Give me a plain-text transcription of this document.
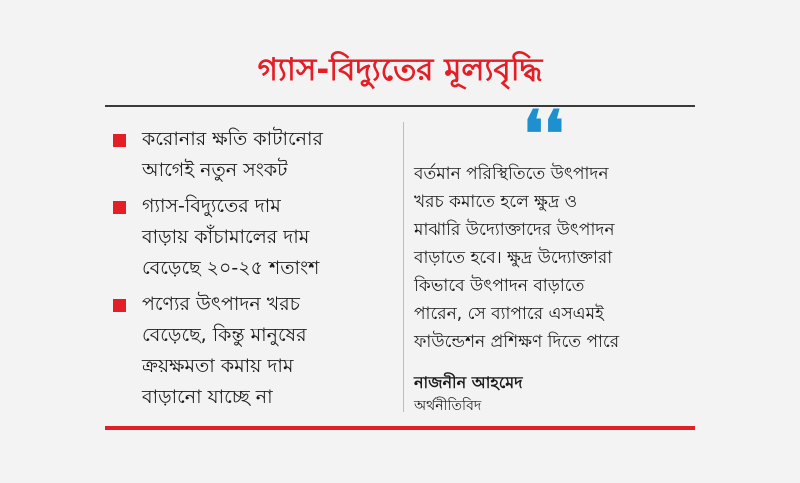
গ্যাস-বিদ্যুতের মূল্যবৃদ্ধি
করোনার ক্ষতি কাটানোর
আগেই নতুন সংকট
গ্যাস-বিদ্যুতের দাম
বাড়ায় কাঁচামালের দাম
বেড়েছে ২০-২৫ শতাংশ
পণ্যের উৎপাদন খরচ
বেড়েছে, কিন্তু মানুষের
ক্রয়ক্ষমতা কমায় দাম
বাড়ানো যাচ্ছে না
❛❛
বর্তমান পরিস্থিতিতে উৎপাদন
খরচ কমাতে হলে ক্ষুদ্র ও
মাঝারি উদ্যোক্তাদের উৎপাদন
বাড়াতে হবে। ক্ষুদ্র উদ্যোক্তারা
কিভাবে উৎপাদন বাড়াতে
পারেন, সে ব্যাপারে এসএমই
ফাউন্ডেশন প্রশিক্ষণ দিতে পারে
নাজনীন আহমেদ
অর্থনীতিবিদ
